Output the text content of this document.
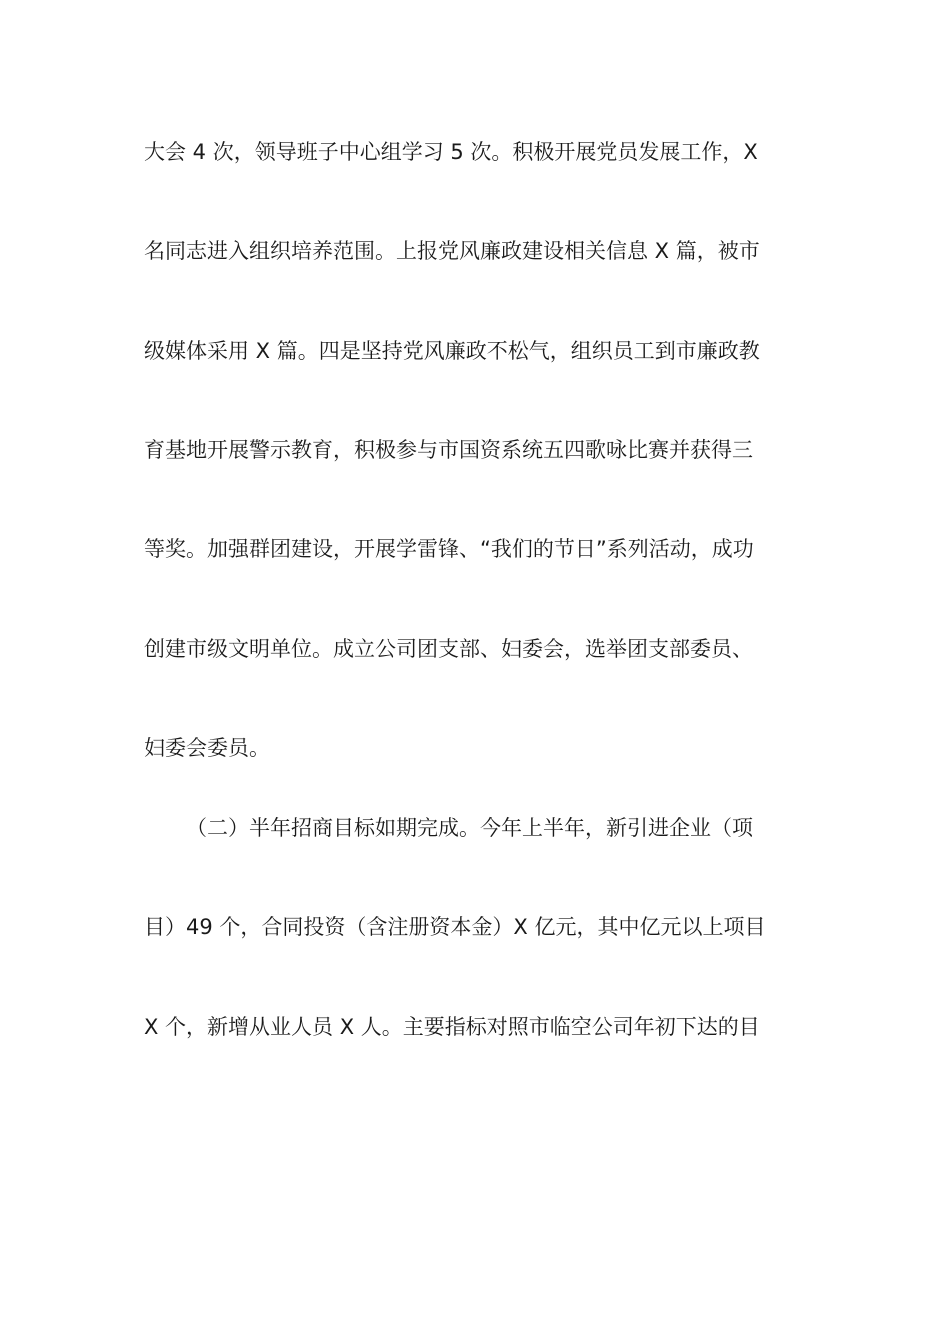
大会 4 次，领导班子中心组学习 5 次。积极开展党员发展工作，X
名同志进入组织培养范围。上报党风廉政建设相关信息 X 篇，被市
级媒体采用 X 篇。四是坚持党风廉政不松气，组织员工到市廉政教
育基地开展警示教育，积极参与市国资系统五四歌咏比赛并获得三
等奖。加强群团建设，开展学雷锋、“我们的节日”系列活动，成功
创建市级文明单位。成立公司团支部、妇委会，选举团支部委员、
妇委会委员。
（二）半年招商目标如期完成。今年上半年，新引进企业（项
目）49 个，合同投资（含注册资本金）X 亿元，其中亿元以上项目
X 个，新增从业人员 X 人。主要指标对照市临空公司年初下达的目
